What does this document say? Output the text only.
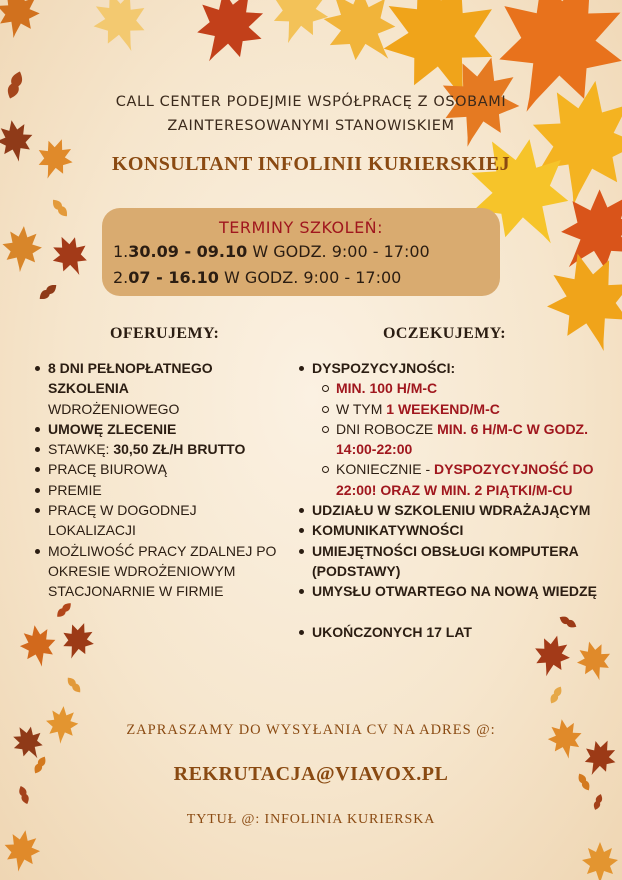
CALL CENTER PODEJMIE WSPÓŁPRACĘ Z OSOBAMI
ZAINTERESOWANYMI STANOWISKIEM
KONSULTANT INFOLINII KURIERSKIEJ
TERMINY SZKOLEŃ:
1.30.09 - 09.10 W GODZ. 9:00 - 17:00
2.07 - 16.10 W GODZ. 9:00 - 17:00
OFERUJEMY:	OCZEKUJEMY:
8 DNI PEŁNOPŁATNEGO SZKOLENIA
WDROŻENIOWEGO
UMOWĘ ZLECENIE
STAWKĘ: 30,50 ZŁ/H BRUTTO
PRACĘ BIUROWĄ
PREMIE
PRACĘ W DOGODNEJ LOKALIZACJI
MOŻLIWOŚĆ PRACY ZDALNEJ PO OKRESIE WDROŻENIOWYM STACJONARNIE W FIRMIE
DYSPOZYCYJNOŚCI:
MIN. 100 H/M-C
W TYM 1 WEEKEND/M-C
DNI ROBOCZE MIN. 6 H/M-C W GODZ. 14:00-22:00
KONIECZNIE - DYSPOZYCYJNOŚĆ DO 22:00! ORAZ W MIN. 2 PIĄTKI/M-CU
UDZIAŁU W SZKOLENIU WDRAŻAJĄCYM
KOMUNIKATYWNOŚCI
UMIEJĘTNOŚCI OBSŁUGI KOMPUTERA (PODSTAWY)
UMYSŁU OTWARTEGO NA NOWĄ WIEDZĘ
UKOŃCZONYCH 17 LAT
ZAPRASZAMY DO WYSYŁANIA CV NA ADRES @:
REKRUTACJA@VIAVOX.PL
TYTUŁ @: INFOLINIA KURIERSKA
